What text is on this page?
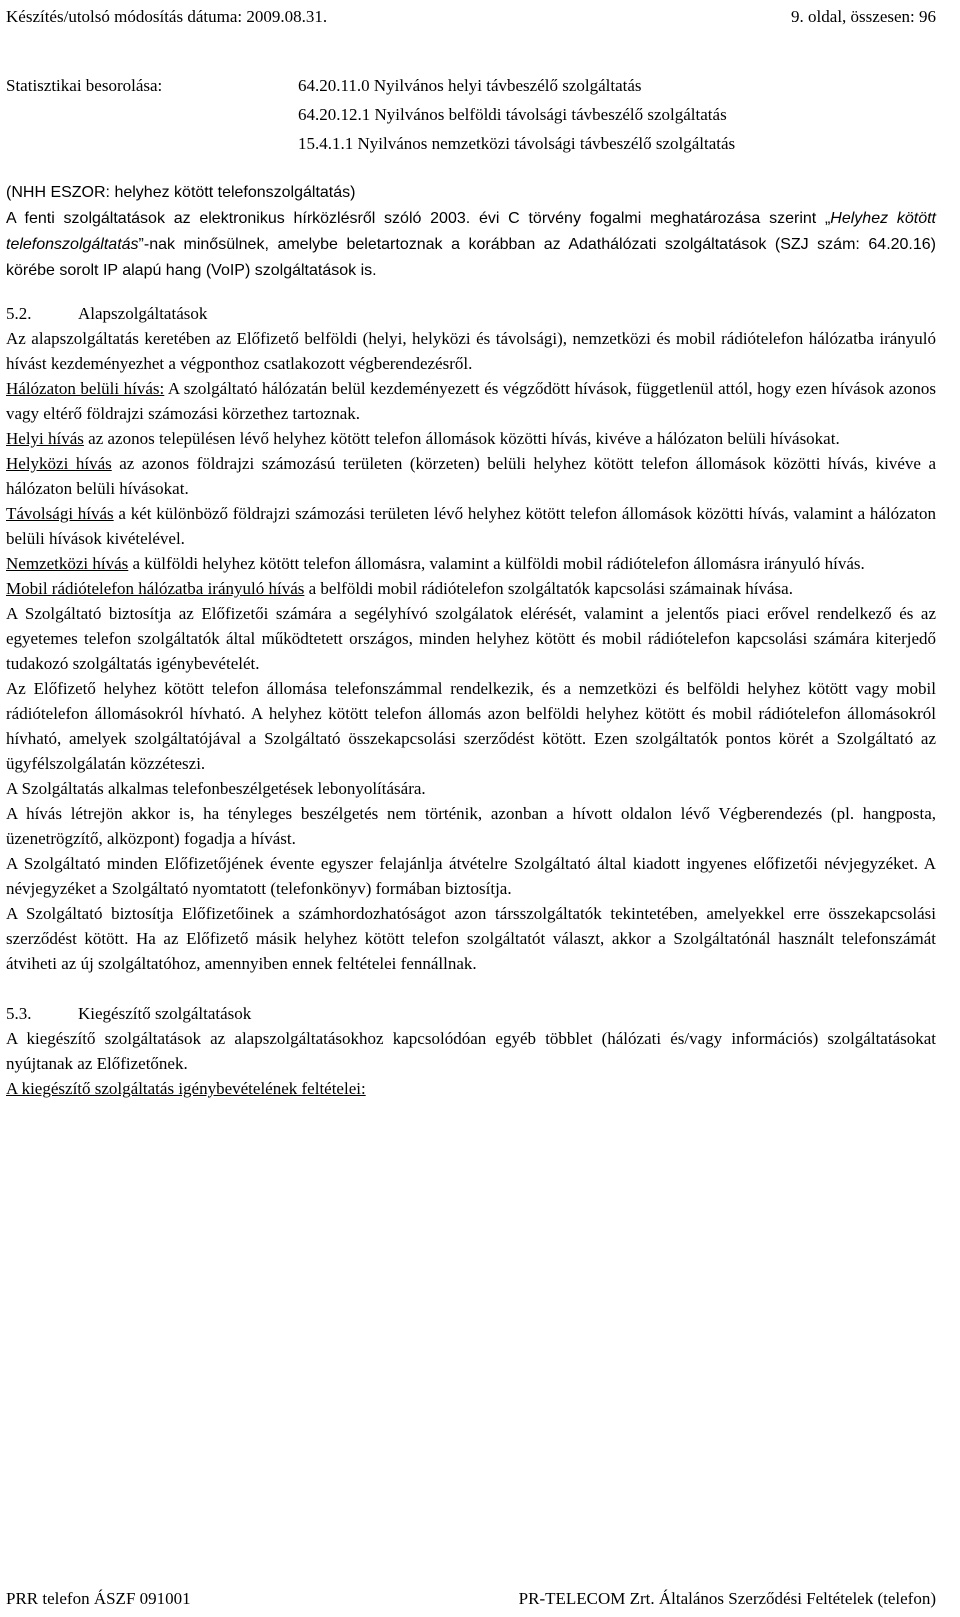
Készítés/utolsó módosítás dátuma: 2009.08.31.	9. oldal, összesen: 96
Statisztikai besorolása:	64.20.11.0 Nyilvános helyi távbeszélő szolgáltatás
64.20.12.1 Nyilvános belföldi távolsági távbeszélő szolgáltatás
15.4.1.1 Nyilvános nemzetközi távolsági távbeszélő szolgáltatás

(NHH ESZOR: helyhez kötött telefonszolgáltatás)

A fenti szolgáltatások az elektronikus hírközlésről szóló 2003. évi C törvény fogalmi meghatározása szerint „Helyhez kötött telefonszolgáltatás”-nak minősülnek, amelybe beletartoznak a korábban az Adathálózati szolgáltatások (SZJ szám: 64.20.16) körébe sorolt IP alapú hang (VoIP) szolgáltatások is.

5.2.	Alapszolgáltatások

Az alapszolgáltatás keretében az Előfizető belföldi (helyi, helyközi és távolsági), nemzetközi és mobil rádiótelefon hálózatba irányuló hívást kezdeményezhet a végponthoz csatlakozott végberendezésről.

Hálózaton belüli hívás: A szolgáltató hálózatán belül kezdeményezett és végződött hívások, függetlenül attól, hogy ezen hívások azonos vagy eltérő földrajzi számozási körzethez tartoznak.

Helyi hívás az azonos településen lévő helyhez kötött telefon állomások közötti hívás, kivéve a hálózaton belüli hívásokat.

Helyközi hívás az azonos földrajzi számozású területen (körzeten) belüli helyhez kötött telefon állomások közötti hívás, kivéve a hálózaton belüli hívásokat.

Távolsági hívás a két különböző földrajzi számozási területen lévő helyhez kötött telefon állomások közötti hívás, valamint a hálózaton belüli hívások kivételével.

Nemzetközi hívás a külföldi helyhez kötött telefon állomásra, valamint a külföldi mobil rádiótelefon állomásra irányuló hívás.

Mobil rádiótelefon hálózatba irányuló hívás a belföldi mobil rádiótelefon szolgáltatók kapcsolási számainak hívása.

A Szolgáltató biztosítja az Előfizetői számára a segélyhívó szolgálatok elérését, valamint a jelentős piaci erővel rendelkező és az egyetemes telefon szolgáltatók által működtetett országos, minden helyhez kötött és mobil rádiótelefon kapcsolási számára kiterjedő tudakozó szolgáltatás igénybevételét.

Az Előfizető helyhez kötött telefon állomása telefonszámmal rendelkezik, és a nemzetközi és belföldi helyhez kötött vagy mobil rádiótelefon állomásokról hívható. A helyhez kötött telefon állomás azon belföldi helyhez kötött és mobil rádiótelefon állomásokról hívható, amelyek szolgáltatójával a Szolgáltató összekapcsolási szerződést kötött. Ezen szolgáltatók pontos körét a Szolgáltató az ügyfélszolgálatán közzéteszi.

A Szolgáltatás alkalmas telefonbeszélgetések lebonyolítására.

A hívás létrejön akkor is, ha tényleges beszélgetés nem történik, azonban a hívott oldalon lévő Végberendezés (pl. hangposta, üzenetrögzítő, alközpont) fogadja a hívást.

A Szolgáltató minden Előfizetőjének évente egyszer felajánlja átvételre Szolgáltató által kiadott ingyenes előfizetői névjegyzéket. A névjegyzéket a Szolgáltató nyomtatott (telefonkönyv) formában biztosítja.

A Szolgáltató biztosítja Előfizetőinek a számhordozhatóságot azon társszolgáltatók tekintetében, amelyekkel erre összekapcsolási szerződést kötött. Ha az Előfizető másik helyhez kötött telefon szolgáltatót választ, akkor a Szolgáltatónál használt telefonszámát átviheti az új szolgáltatóhoz, amennyiben ennek feltételei fennállnak.

5.3.	Kiegészítő szolgáltatások

A kiegészítő szolgáltatások az alapszolgáltatásokhoz kapcsolódóan egyéb többlet (hálózati és/vagy információs) szolgáltatásokat nyújtanak az Előfizetőnek.

A kiegészítő szolgáltatás igénybevételének feltételei:

PRR telefon ÁSZF 091001	PR-TELECOM Zrt. Általános Szerződési Feltételek (telefon)
